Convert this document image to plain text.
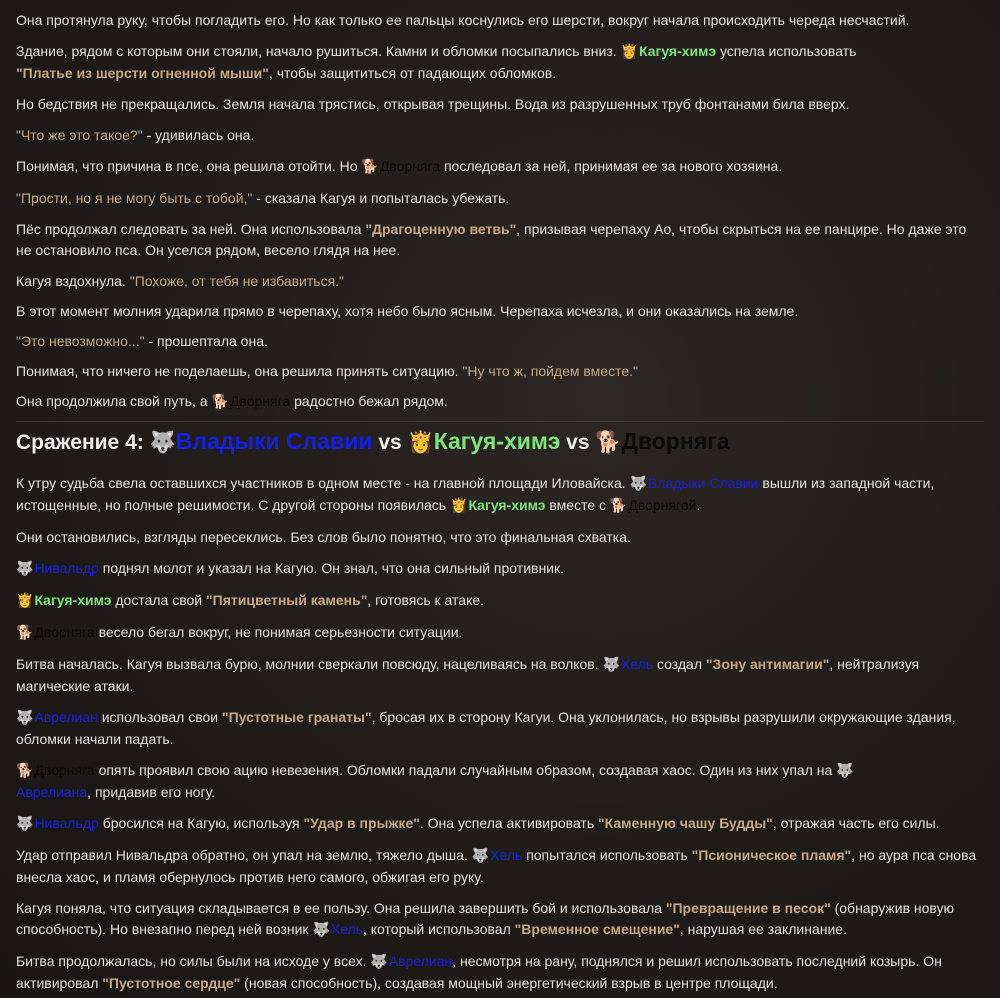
Она протянула руку, чтобы погладить его. Но как только ее пальцы коснулись его шерсти, вокруг начала происходить череда несчастий.

Здание, рядом с которым они стояли, начало рушиться. Камни и обломки посыпались вниз. 👸Кагуя-химэ успела использовать
"Платье из шерсти огненной мыши", чтобы защититься от падающих обломков.

Но бедствия не прекращались. Земля начала трястись, открывая трещины. Вода из разрушенных труб фонтанами била вверх.

"Что же это такое?" - удивилась она.

Понимая, что причина в псе, она решила отойти. Но 🐕Дворняга последовал за ней, принимая ее за нового хозяина.

"Прости, но я не могу быть с тобой," - сказала Кагуя и попыталась убежать.

Пёс продолжал следовать за ней. Она использовала "Драгоценную ветвь", призывая черепаху Ао, чтобы скрыться на ее панцире. Но даже это не остановило пса. Он уселся рядом, весело глядя на нее.

Кагуя вздохнула. "Похоже, от тебя не избавиться."

В этот момент молния ударила прямо в черепаху, хотя небо было ясным. Черепаха исчезла, и они оказались на земле.

"Это невозможно..." - прошептала она.

Понимая, что ничего не поделаешь, она решила принять ситуацию. "Ну что ж, пойдем вместе."

Она продолжила свой путь, а 🐕Дворняга радостно бежал рядом.

Сражение 4: 🐺Владыки Славии vs 👸Кагуя-химэ vs 🐕Дворняга

К утру судьба свела оставшихся участников в одном месте - на главной площади Иловайска. 🐺Владыки Славии вышли из западной части, истощенные, но полные решимости. С другой стороны появилась 👸Кагуя-химэ вместе с 🐕Дворнягой.

Они остановились, взгляды пересеклись. Без слов было понятно, что это финальная схватка.

🐺Нивальдр поднял молот и указал на Кагую. Он знал, что она сильный противник.

👸Кагуя-химэ достала свой "Пятицветный камень", готовясь к атаке.

🐕Дворняга весело бегал вокруг, не понимая серьезности ситуации.

Битва началась. Кагуя вызвала бурю, молнии сверкали повсюду, нацеливаясь на волков. 🐺Хель создал "Зону антимагии", нейтрализуя магические атаки.

🐺Аврелиан использовал свои "Пустотные гранаты", бросая их в сторону Кагуи. Она уклонилась, но взрывы разрушили окружающие здания, обломки начали падать.

🐕Дворняга опять проявил свою ацию невезения. Обломки падали случайным образом, создавая хаос. Один из них упал на 🐺
Аврелиана, придавив его ногу.

🐺Нивальдр бросился на Кагую, используя "Удар в прыжке". Она успела активировать "Каменную чашу Будды", отражая часть его силы.

Удар отправил Нивальдра обратно, он упал на землю, тяжело дыша. 🐺Хель попытался использовать "Псионическое пламя", но аура пса снова внесла хаос, и пламя обернулось против него самого, обжигая его руку.

Кагуя поняла, что ситуация складывается в ее пользу. Она решила завершить бой и использовала "Превращение в песок" (обнаружив новую способность). Но внезапно перед ней возник 🐺Хель, который использовал "Временное смещение", нарушая ее заклинание.

Битва продолжалась, но силы были на исходе у всех. 🐺Аврелиан, несмотря на рану, поднялся и решил использовать последний козырь. Он активировал "Пустотное сердце" (новая способность), создавая мощный энергетический взрыв в центре площади.
